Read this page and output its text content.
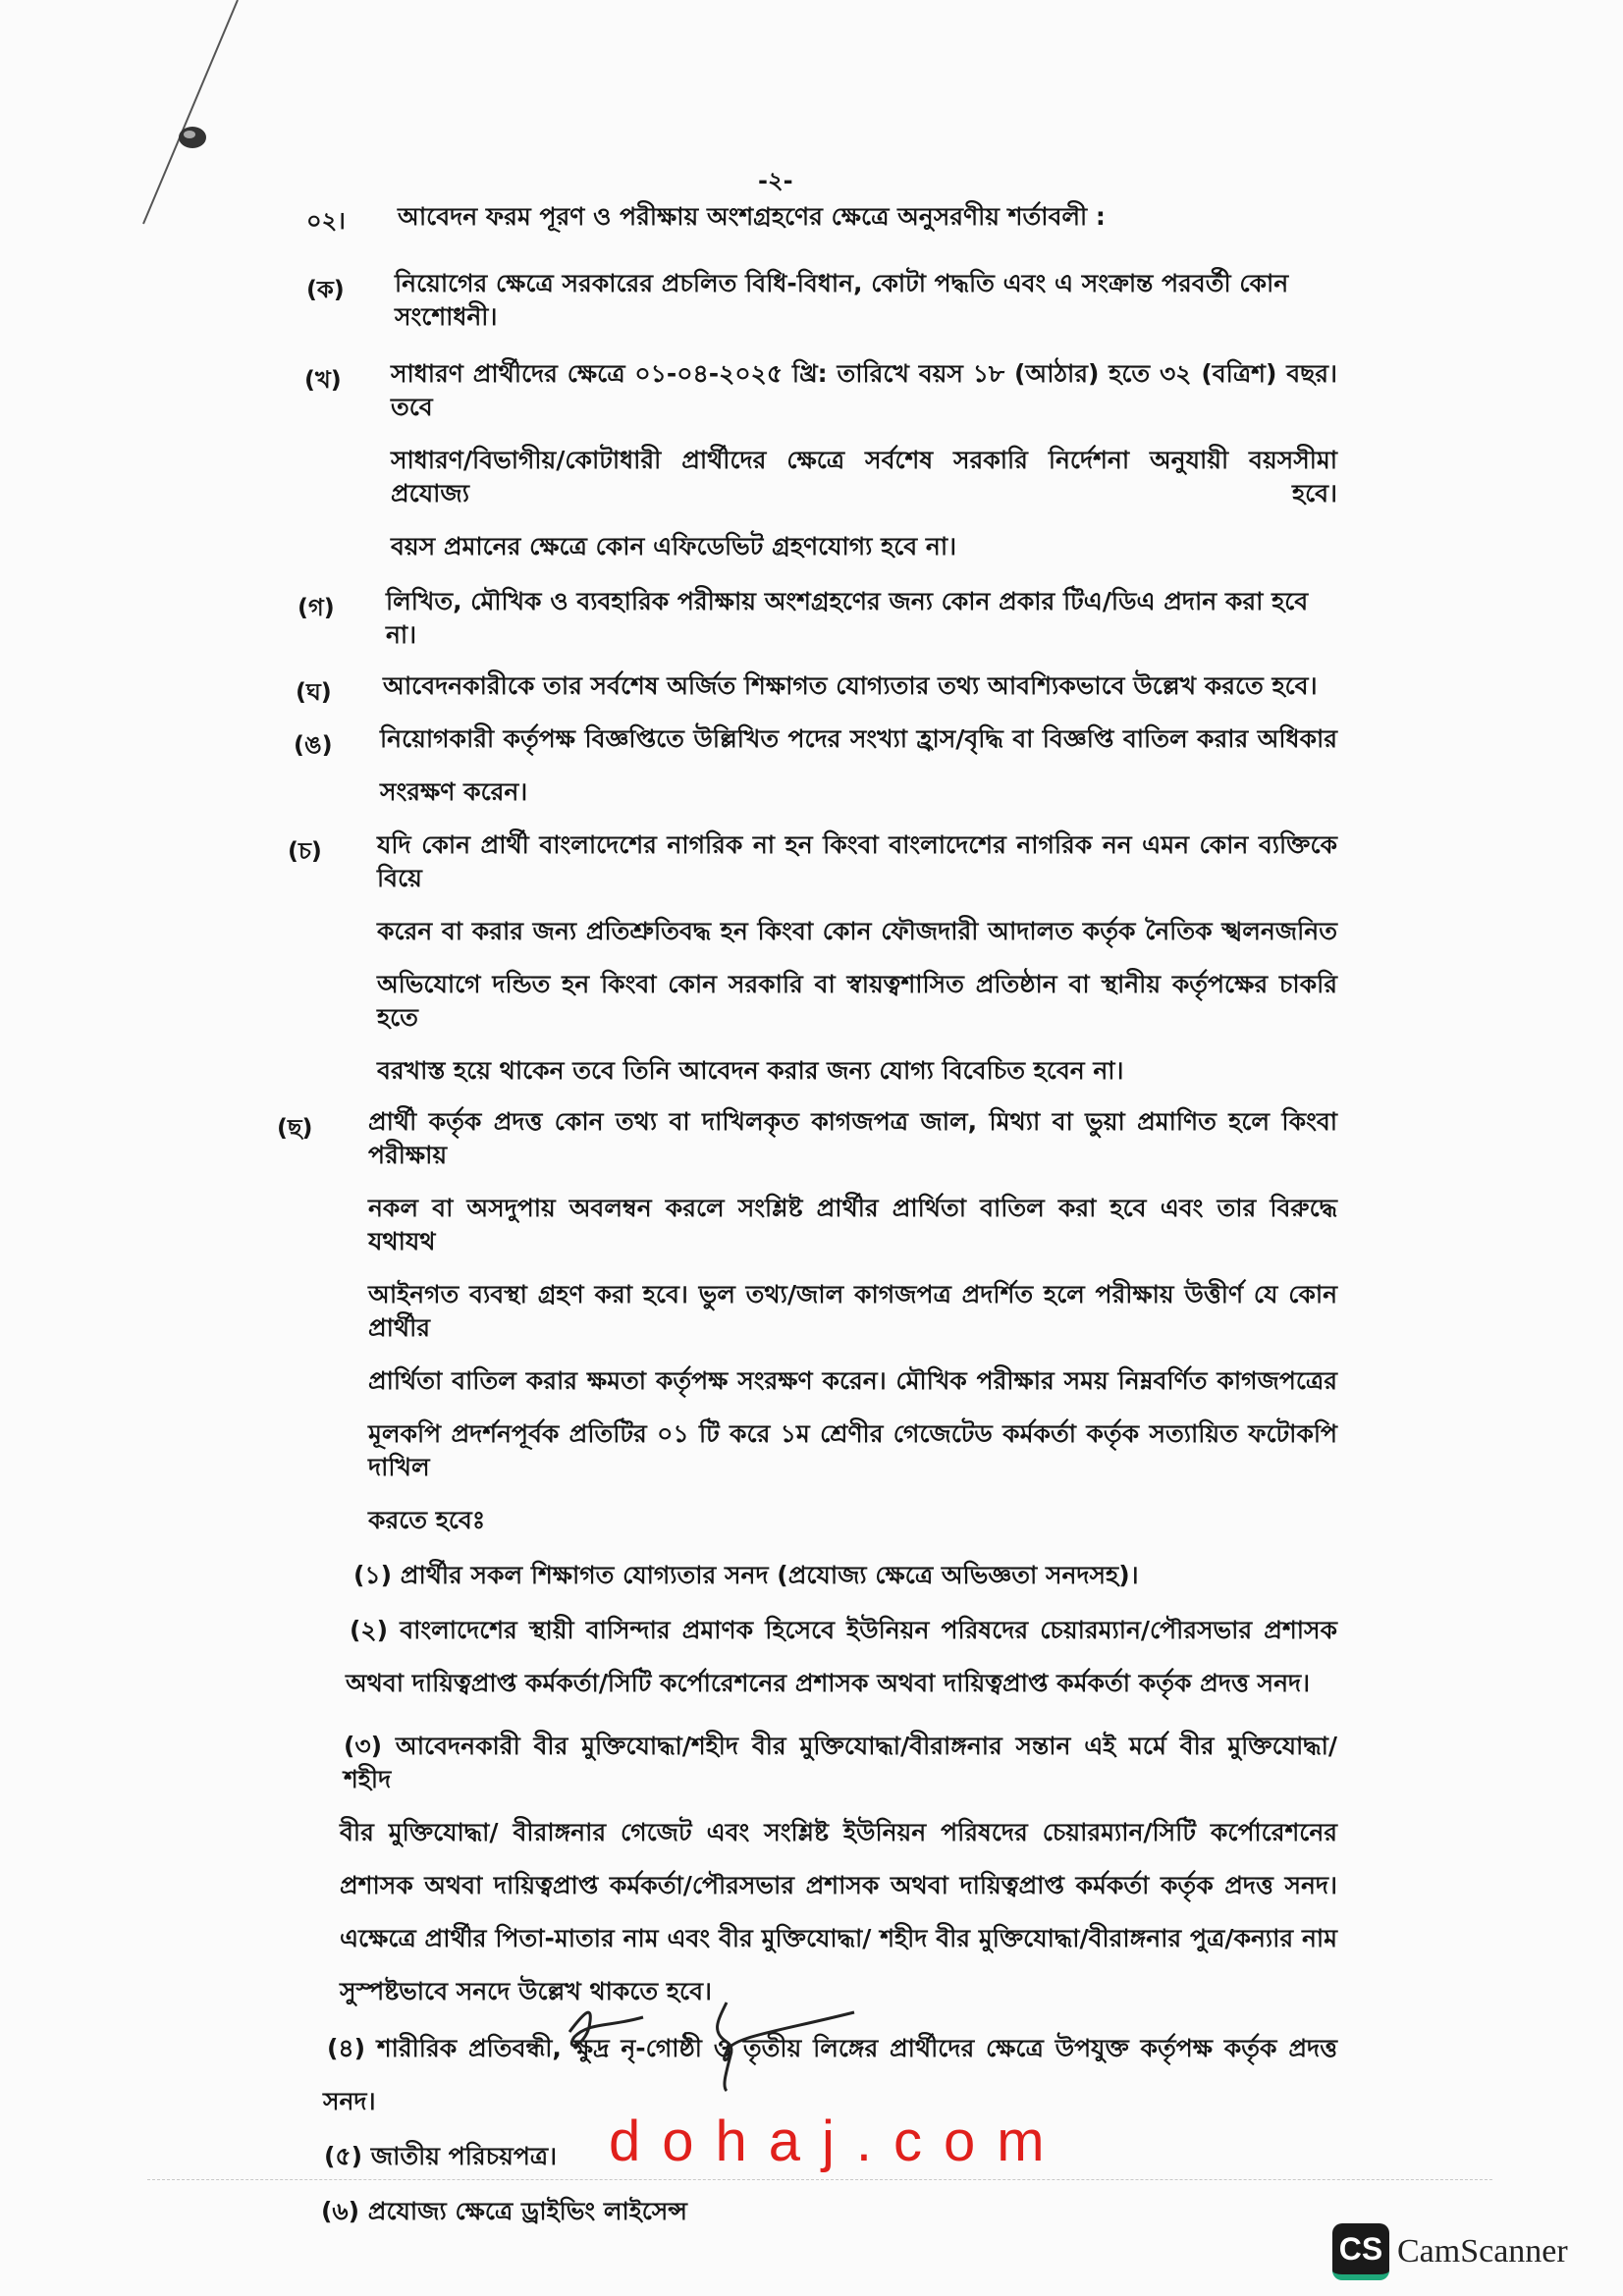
-২-
০২।	আবেদন ফরম পূরণ ও পরীক্ষায় অংশগ্রহণের ক্ষেত্রে অনুসরণীয় শর্তাবলী :
(ক)	নিয়োগের ক্ষেত্রে সরকারের প্রচলিত বিধি-বিধান, কোটা পদ্ধতি এবং এ সংক্রান্ত পরবর্তী কোন সংশোধনী।
(খ)	সাধারণ প্রার্থীদের ক্ষেত্রে ০১-০৪-২০২৫ খ্রি: তারিখে বয়স ১৮ (আঠার) হতে ৩২ (বত্রিশ) বছর। তবে
সাধারণ/বিভাগীয়/কোটাধারী প্রার্থীদের ক্ষেত্রে সর্বশেষ সরকারি নির্দেশনা অনুযায়ী বয়সসীমা প্রযোজ্য হবে।
বয়স প্রমানের ক্ষেত্রে কোন এফিডেভিট গ্রহণযোগ্য হবে না।
(গ)	লিখিত, মৌখিক ও ব্যবহারিক পরীক্ষায় অংশগ্রহণের জন্য কোন প্রকার টিএ/ডিএ প্রদান করা হবে না।
(ঘ)	আবেদনকারীকে তার সর্বশেষ অর্জিত শিক্ষাগত যোগ্যতার তথ্য আবশ্যিকভাবে উল্লেখ করতে হবে।
(ঙ)	নিয়োগকারী কর্তৃপক্ষ বিজ্ঞপ্তিতে উল্লিখিত পদের সংখ্যা হ্রাস/বৃদ্ধি বা বিজ্ঞপ্তি বাতিল করার অধিকার
সংরক্ষণ করেন।
(চ)	যদি কোন প্রার্থী বাংলাদেশের নাগরিক না হন কিংবা বাংলাদেশের নাগরিক নন এমন কোন ব্যক্তিকে বিয়ে
করেন বা করার জন্য প্রতিশ্রুতিবদ্ধ হন কিংবা কোন ফৌজদারী আদালত কর্তৃক নৈতিক স্খলনজনিত
অভিযোগে দন্ডিত হন কিংবা কোন সরকারি বা স্বায়ত্বশাসিত প্রতিষ্ঠান বা স্থানীয় কর্তৃপক্ষের চাকরি হতে
বরখাস্ত হয়ে থাকেন তবে তিনি আবেদন করার জন্য যোগ্য বিবেচিত হবেন না।
(ছ)	প্রার্থী কর্তৃক প্রদত্ত কোন তথ্য বা দাখিলকৃত কাগজপত্র জাল, মিথ্যা বা ভুয়া প্রমাণিত হলে কিংবা পরীক্ষায়
নকল বা অসদুপায় অবলম্বন করলে সংশ্লিষ্ট প্রার্থীর প্রার্থিতা বাতিল করা হবে এবং তার বিরুদ্ধে যথাযথ
আইনগত ব্যবস্থা গ্রহণ করা হবে। ভুল তথ্য/জাল কাগজপত্র প্রদর্শিত হলে পরীক্ষায় উত্তীর্ণ যে কোন প্রার্থীর
প্রার্থিতা বাতিল করার ক্ষমতা কর্তৃপক্ষ সংরক্ষণ করেন। মৌখিক পরীক্ষার সময় নিম্নবর্ণিত কাগজপত্রের
মূলকপি প্রদর্শনপূর্বক প্রতিটির ০১ টি করে ১ম শ্রেণীর গেজেটেড কর্মকর্তা কর্তৃক সত্যায়িত ফটোকপি দাখিল
করতে হবেঃ
(১) প্রার্থীর সকল শিক্ষাগত যোগ্যতার সনদ (প্রযোজ্য ক্ষেত্রে অভিজ্ঞতা সনদসহ)।
(২) বাংলাদেশের স্থায়ী বাসিন্দার প্রমাণক হিসেবে ইউনিয়ন পরিষদের চেয়ারম্যান/পৌরসভার প্রশাসক
অথবা দায়িত্বপ্রাপ্ত কর্মকর্তা/সিটি কর্পোরেশনের প্রশাসক অথবা দায়িত্বপ্রাপ্ত কর্মকর্তা কর্তৃক প্রদত্ত সনদ।
(৩) আবেদনকারী বীর মুক্তিযোদ্ধা/শহীদ বীর মুক্তিযোদ্ধা/বীরাঙ্গনার সন্তান এই মর্মে বীর মুক্তিযোদ্ধা/ শহীদ
বীর মুক্তিযোদ্ধা/ বীরাঙ্গনার গেজেট এবং সংশ্লিষ্ট ইউনিয়ন পরিষদের চেয়ারম্যান/সিটি কর্পোরেশনের
প্রশাসক অথবা দায়িত্বপ্রাপ্ত কর্মকর্তা/পৌরসভার প্রশাসক অথবা দায়িত্বপ্রাপ্ত কর্মকর্তা কর্তৃক প্রদত্ত সনদ।
এক্ষেত্রে প্রার্থীর পিতা-মাতার নাম এবং বীর মুক্তিযোদ্ধা/ শহীদ বীর মুক্তিযোদ্ধা/বীরাঙ্গনার পুত্র/কন্যার নাম
সুস্পষ্টভাবে সনদে উল্লেখ থাকতে হবে।
(৪) শারীরিক প্রতিবন্ধী, ক্ষুদ্র নৃ-গোষ্ঠী ও তৃতীয় লিঙ্গের প্রার্থীদের ক্ষেত্রে উপযুক্ত কর্তৃপক্ষ কর্তৃক প্রদত্ত
সনদ।
(৫) জাতীয় পরিচয়পত্র।
(৬) প্রযোজ্য ক্ষেত্রে ড্রাইভিং লাইসেন্স
dohaj.com
CS CamScanner
